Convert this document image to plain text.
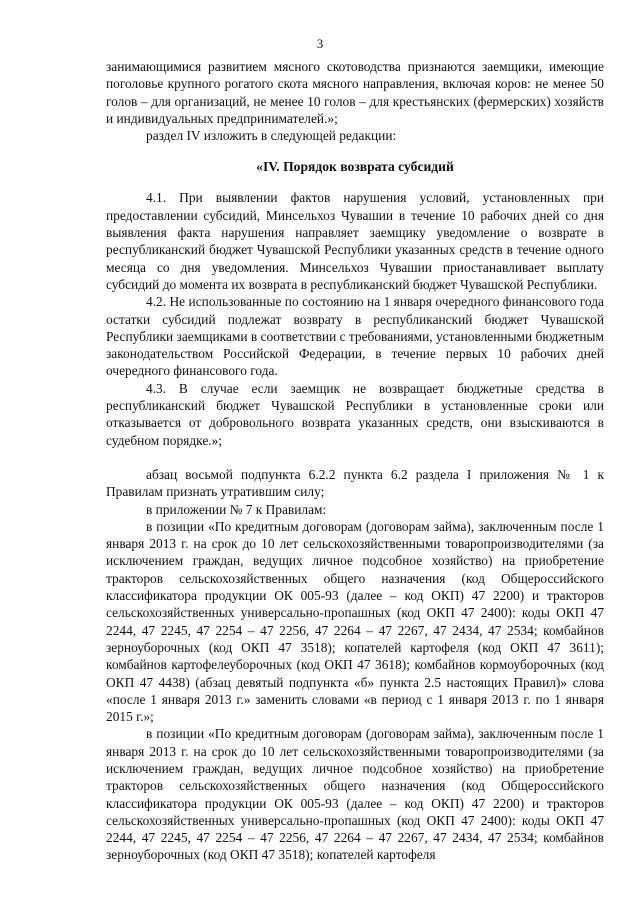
3

занимающимися развитием мясного скотоводства признаются заемщики, имеющие поголовье крупного рогатого скота мясного направления, включая коров: не менее 50 голов – для организаций, не менее 10 голов – для крестьянских (фермерских) хозяйств и индивидуальных предпринимателей.»;

раздел IV изложить в следующей редакции:

«IV. Порядок возврата субсидий

4.1. При выявлении фактов нарушения условий, установленных при предоставлении субсидий, Минсельхоз Чувашии в течение 10 рабочих дней со дня выявления факта нарушения направляет заемщику уведомление о возврате в республиканский бюджет Чувашской Республики указанных средств в течение одного месяца со дня уведомления. Минсельхоз Чувашии приостанавливает выплату субсидий до момента их возврата в республиканский бюджет Чувашской Республики.

4.2. Не использованные по состоянию на 1 января очередного финансового года остатки субсидий подлежат возврату в республиканский бюджет Чувашской Республики заемщиками в соответствии с требованиями, установленными бюджетным законодательством Российской Федерации, в течение первых 10 рабочих дней очередного финансового года.

4.3. В случае если заемщик не возвращает бюджетные средства в республиканский бюджет Чувашской Республики в установленные сроки или отказывается от добровольного возврата указанных средств, они взыскиваются в судебном порядке.»;

абзац восьмой подпункта 6.2.2 пункта 6.2 раздела I приложения № 1 к Правилам признать утратившим силу;

в приложении № 7 к Правилам:

в позиции «По кредитным договорам (договорам займа), заключенным после 1 января 2013 г. на срок до 10 лет сельскохозяйственными товаропроизводителями (за исключением граждан, ведущих личное подсобное хозяйство) на приобретение тракторов сельскохозяйственных общего назначения (код Общероссийского классификатора продукции ОК 005-93 (далее – код ОКП) 47 2200) и тракторов сельскохозяйственных универсально-пропашных (код ОКП 47 2400): коды ОКП 47 2244, 47 2245, 47 2254 – 47 2256, 47 2264 – 47 2267, 47 2434, 47 2534; комбайнов зерноуборочных (код ОКП 47 3518); копателей картофеля (код ОКП 47 3611); комбайнов картофелеуборочных (код ОКП 47 3618); комбайнов кормоуборочных (код ОКП 47 4438) (абзац девятый подпункта «б» пункта 2.5 настоящих Правил)» слова «после 1 января 2013 г.» заменить словами «в период с 1 января 2013 г. по 1 января 2015 г.»;

в позиции «По кредитным договорам (договорам займа), заключенным после 1 января 2013 г. на срок до 10 лет сельскохозяйственными товаропроизводителями (за исключением граждан, ведущих личное подсобное хозяйство) на приобретение тракторов сельскохозяйственных общего назначения (код Общероссийского классификатора продукции ОК 005-93 (далее – код ОКП) 47 2200) и тракторов сельскохозяйственных универсально-пропашных (код ОКП 47 2400): коды ОКП 47 2244, 47 2245, 47 2254 – 47 2256, 47 2264 – 47 2267, 47 2434, 47 2534; комбайнов зерноуборочных (код ОКП 47 3518); копателей картофеля
